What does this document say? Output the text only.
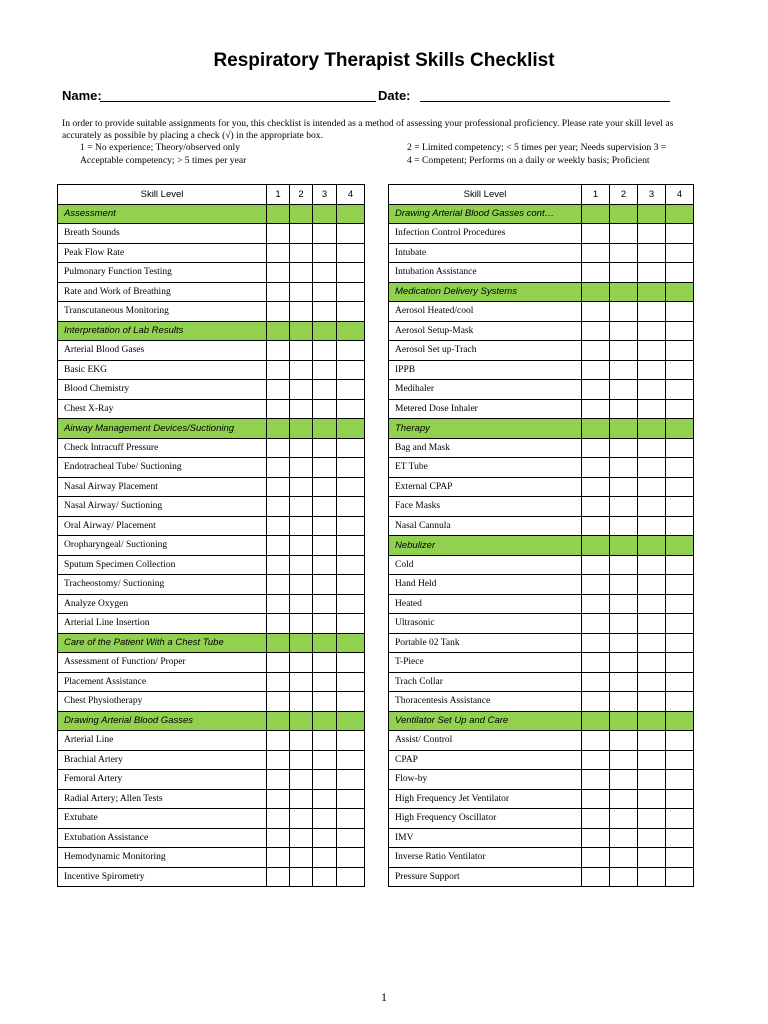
Respiratory Therapist Skills Checklist
Name:	Date:
In order to provide suitable assignments for you, this checklist is intended as a method of assessing your professional proficiency. Please rate your skill level as accurately as possible by placing a check (√) in the appropriate box.
1 = No experience; Theory/observed only
Acceptable competency; > 5 times per year
2 = Limited competency; < 5 times per year; Needs supervision 3 =
4 = Competent; Performs on a daily or weekly basis; Proficient
Skill Level	1	2	3	4
Assessment				
Breath Sounds				
Peak Flow Rate				
Pulmonary Function Testing				
Rate and Work of Breathing				
Transcutaneous Monitoring				
Interpretation of Lab Results				
Arterial Blood Gases				
Basic EKG				
Blood Chemistry				
Chest X-Ray				
Airway Management Devices/Suctioning				
Check Intracuff Pressure				
Endotracheal Tube/ Suctioning				
Nasal Airway Placement				
Nasal Airway/ Suctioning				
Oral Airway/ Placement				
Oropharyngeal/ Suctioning				
Sputum Specimen Collection				
Tracheostomy/ Suctioning				
Analyze Oxygen				
Arterial Line Insertion				
Care of the Patient With a Chest Tube				
Assessment of Function/ Proper				
Placement Assistance				
Chest Physiotherapy				
Drawing Arterial Blood Gasses				
Arterial Line				
Brachial Artery				
Femoral Artery				
Radial Artery; Allen Tests				
Extubate				
Extubation Assistance				
Hemodynamic Monitoring				
Incentive Spirometry				
Skill Level	1	2	3	4
Drawing Arterial Blood Gasses cont…				
Infection Control Procedures				
Intubate				
Intubation Assistance				
Medication Delivery Systems				
Aerosol Heated/cool				
Aerosol Setup-Mask				
Aerosol Set up-Trach				
IPPB				
Medihaler				
Metered Dose Inhaler				
Therapy				
Bag and Mask				
ET Tube				
External CPAP				
Face Masks				
Nasal Cannula				
Nebulizer				
Cold				
Hand Held				
Heated				
Ultrasonic				
Portable 02 Tank				
T-Piece				
Trach Collar				
Thoracentesis Assistance				
Ventilator Set Up and Care				
Assist/ Control				
CPAP				
Flow-by				
High Frequency Jet Ventilator				
High Frequency Oscillator				
IMV				
Inverse Ratio Ventilator				
Pressure Support				
1
